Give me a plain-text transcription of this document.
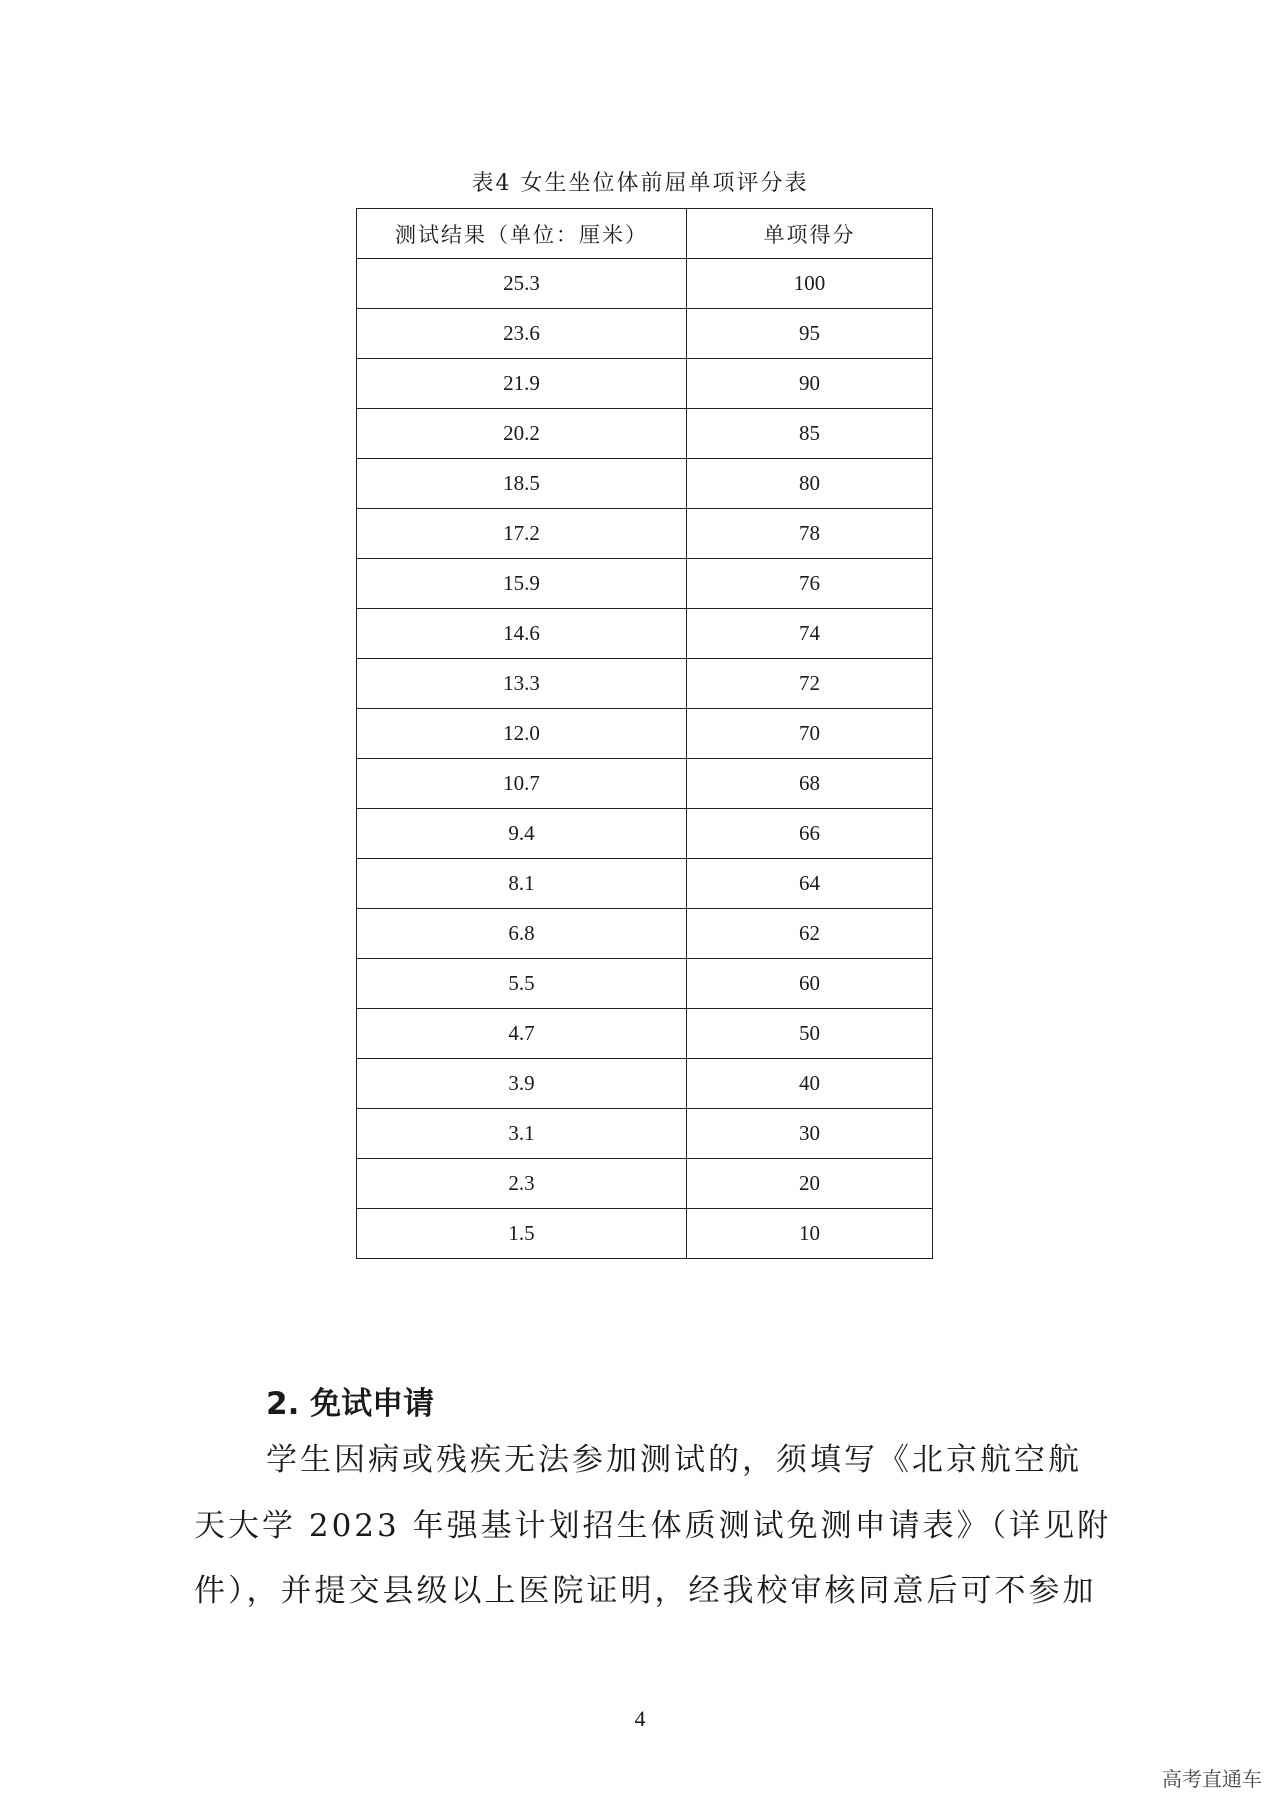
表4 女生坐位体前屈单项评分表
测试结果（单位：厘米）	单项得分
25.3	100
23.6	95
21.9	90
20.2	85
18.5	80
17.2	78
15.9	76
14.6	74
13.3	72
12.0	70
10.7	68
9.4	66
8.1	64
6.8	62
5.5	60
4.7	50
3.9	40
3.1	30
2.3	20
1.5	10
2. 免试申请
学生因病或残疾无法参加测试的，须填写《北京航空航
天大学 2023 年强基计划招生体质测试免测申请表》（详见附
件），并提交县级以上医院证明，经我校审核同意后可不参加
4
高考直通车
